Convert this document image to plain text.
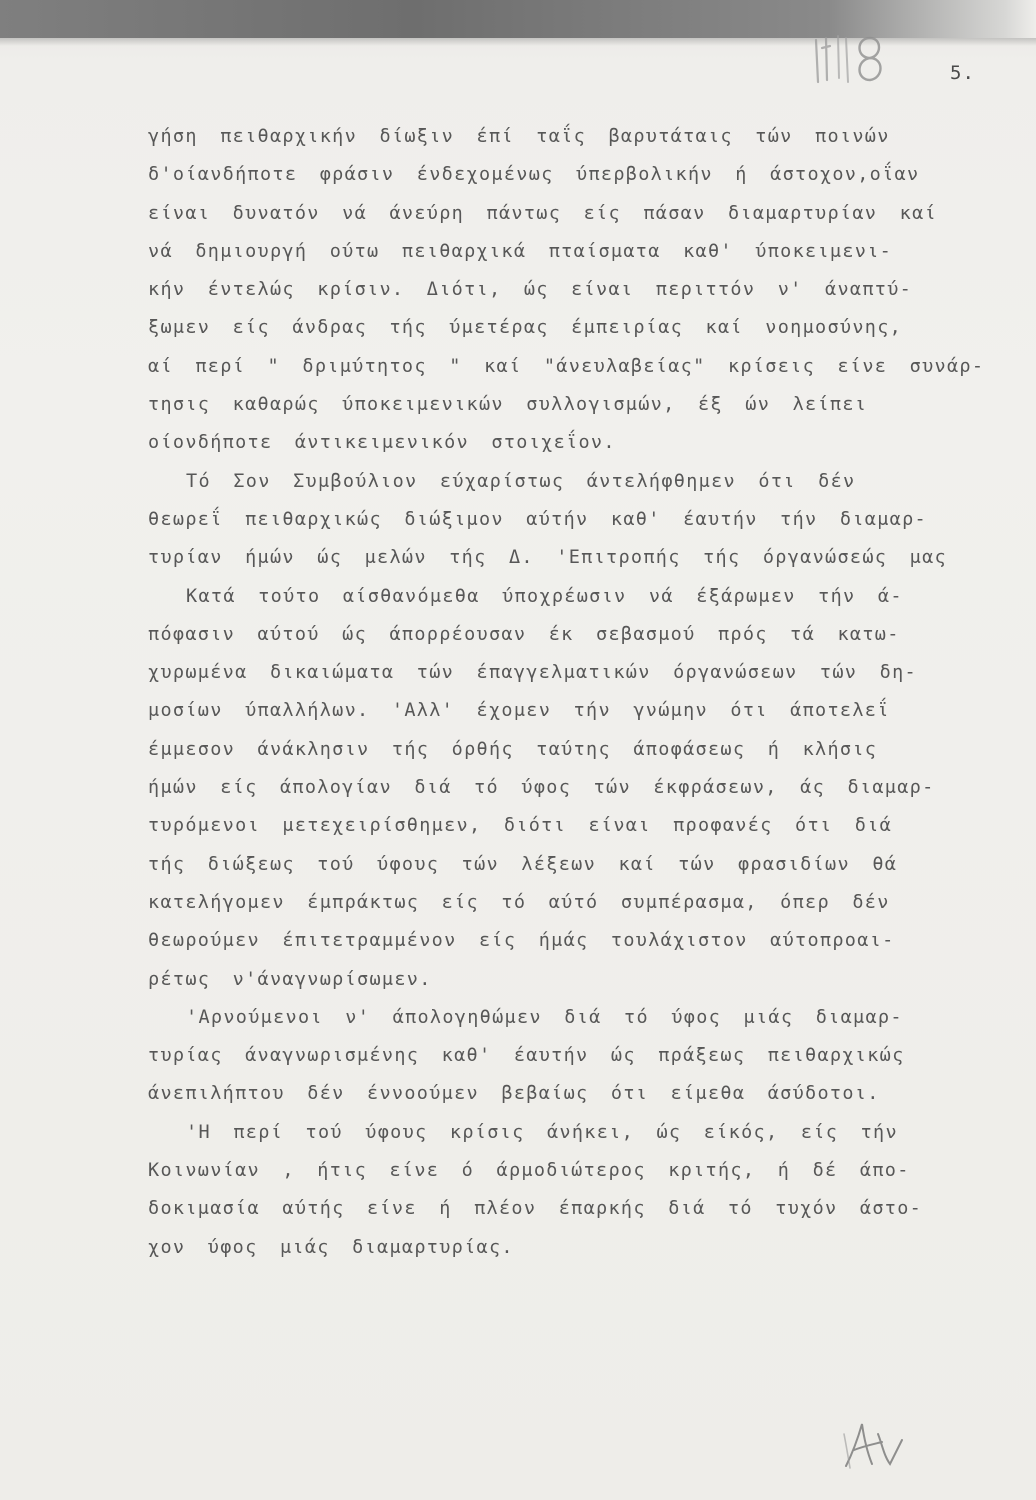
5.
γήση πειθαρχικήν δίωξιν έπί ταΐς βαρυτάταις τών ποινών
δ'οίανδήποτε φράσιν ένδεχομένως ύπερβολικήν ή άστοχον,οΐαν
είναι δυνατόν νά άνεύρη πάντως είς πάσαν διαμαρτυρίαν καί
νά δημιουργή ούτω πειθαρχικά πταίσματα καθ' ύποκειμενι-
κήν έντελώς κρίσιν. Διότι, ώς είναι περιττόν ν' άναπτύ-
ξωμεν είς άνδρας τής ύμετέρας έμπειρίας καί νοημοσύνης,
αί περί " δριμύτητος " καί "άνευλαβείας" κρίσεις είνε συνάρ-
τησις καθαρώς ύποκειμενικών συλλογισμών, έξ ών λείπει
οίονδήποτε άντικειμενικόν στοιχεΐον.
Τό Σον Συμβούλιον εύχαρίστως άντελήφθημεν ότι δέν
θεωρεΐ πειθαρχικώς διώξιμον αύτήν καθ' έαυτήν τήν διαμαρ-
τυρίαν ήμών ώς μελών τής Δ. 'Επιτροπής τής όργανώσεώς μας
Κατά τούτο αίσθανόμεθα ύποχρέωσιν νά έξάρωμεν τήν ά-
πόφασιν αύτού ώς άπορρέουσαν έκ σεβασμού πρός τά κατω-
χυρωμένα δικαιώματα τών έπαγγελματικών όργανώσεων τών δη-
μοσίων ύπαλλήλων. 'Αλλ' έχομεν τήν γνώμην ότι άποτελεΐ
έμμεσον άνάκλησιν τής όρθής ταύτης άποφάσεως ή κλήσις
ήμών είς άπολογίαν διά τό ύφος τών έκφράσεων, άς διαμαρ-
τυρόμενοι μετεχειρίσθημεν, διότι είναι προφανές ότι διά
τής διώξεως τού ύφους τών λέξεων καί τών φρασιδίων θά
κατελήγομεν έμπράκτως είς τό αύτό συμπέρασμα, όπερ δέν
θεωρούμεν έπιτετραμμένον είς ήμάς τουλάχιστον αύτοπροαι-
ρέτως ν'άναγνωρίσωμεν.
'Αρνούμενοι ν' άπολογηθώμεν διά τό ύφος μιάς διαμαρ-
τυρίας άναγνωρισμένης καθ' έαυτήν ώς πράξεως πειθαρχικώς
άνεπιλήπτου δέν έννοούμεν βεβαίως ότι είμεθα άσύδοτοι.
'Η περί τού ύφους κρίσις άνήκει, ώς είκός, είς τήν
Κοινωνίαν , ήτις είνε ό άρμοδιώτερος κριτής, ή δέ άπο-
δοκιμασία αύτής είνε ή πλέον έπαρκής διά τό τυχόν άστο-
χον ύφος μιάς διαμαρτυρίας.
